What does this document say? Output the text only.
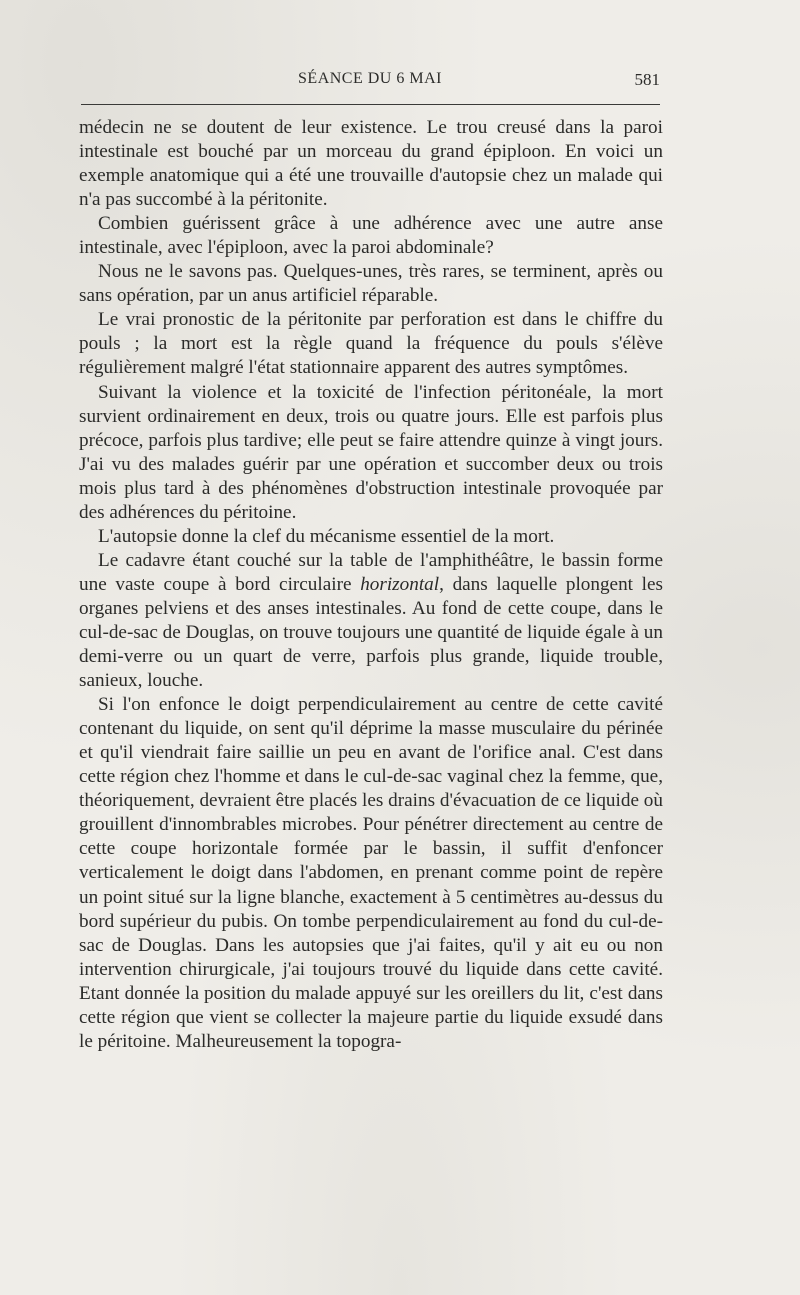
SÉANCE DU 6 MAI	581

médecin ne se doutent de leur existence. Le trou creusé dans la paroi intestinale est bouché par un morceau du grand épiploon. En voici un exemple anatomique qui a été une trouvaille d'autopsie chez un malade qui n'a pas succombé à la péritonite.

Combien guérissent grâce à une adhérence avec une autre anse intestinale, avec l'épiploon, avec la paroi abdominale?

Nous ne le savons pas. Quelques-unes, très rares, se terminent, après ou sans opération, par un anus artificiel réparable.

Le vrai pronostic de la péritonite par perforation est dans le chiffre du pouls ; la mort est la règle quand la fréquence du pouls s'élève régulièrement malgré l'état stationnaire apparent des autres symptômes.

Suivant la violence et la toxicité de l'infection péritonéale, la mort survient ordinairement en deux, trois ou quatre jours. Elle est parfois plus précoce, parfois plus tardive; elle peut se faire attendre quinze à vingt jours. J'ai vu des malades guérir par une opération et succomber deux ou trois mois plus tard à des phénomènes d'obstruction intestinale provoquée par des adhérences du péritoine.

L'autopsie donne la clef du mécanisme essentiel de la mort.

Le cadavre étant couché sur la table de l'amphithéâtre, le bassin forme une vaste coupe à bord circulaire horizontal, dans laquelle plongent les organes pelviens et des anses intestinales. Au fond de cette coupe, dans le cul-de-sac de Douglas, on trouve toujours une quantité de liquide égale à un demi-verre ou un quart de verre, parfois plus grande, liquide trouble, sanieux, louche.

Si l'on enfonce le doigt perpendiculairement au centre de cette cavité contenant du liquide, on sent qu'il déprime la masse musculaire du périnée et qu'il viendrait faire saillie un peu en avant de l'orifice anal. C'est dans cette région chez l'homme et dans le cul-de-sac vaginal chez la femme, que, théoriquement, devraient être placés les drains d'évacuation de ce liquide où grouillent d'innombrables microbes. Pour pénétrer directement au centre de cette coupe horizontale formée par le bassin, il suffit d'enfoncer verticalement le doigt dans l'abdomen, en prenant comme point de repère un point situé sur la ligne blanche, exactement à 5 centimètres au-dessus du bord supérieur du pubis. On tombe perpendiculairement au fond du cul-de-sac de Douglas. Dans les autopsies que j'ai faites, qu'il y ait eu ou non intervention chirurgicale, j'ai toujours trouvé du liquide dans cette cavité. Etant donnée la position du malade appuyé sur les oreillers du lit, c'est dans cette région que vient se collecter la majeure partie du liquide exsudé dans le péritoine. Malheureusement la topogra-
